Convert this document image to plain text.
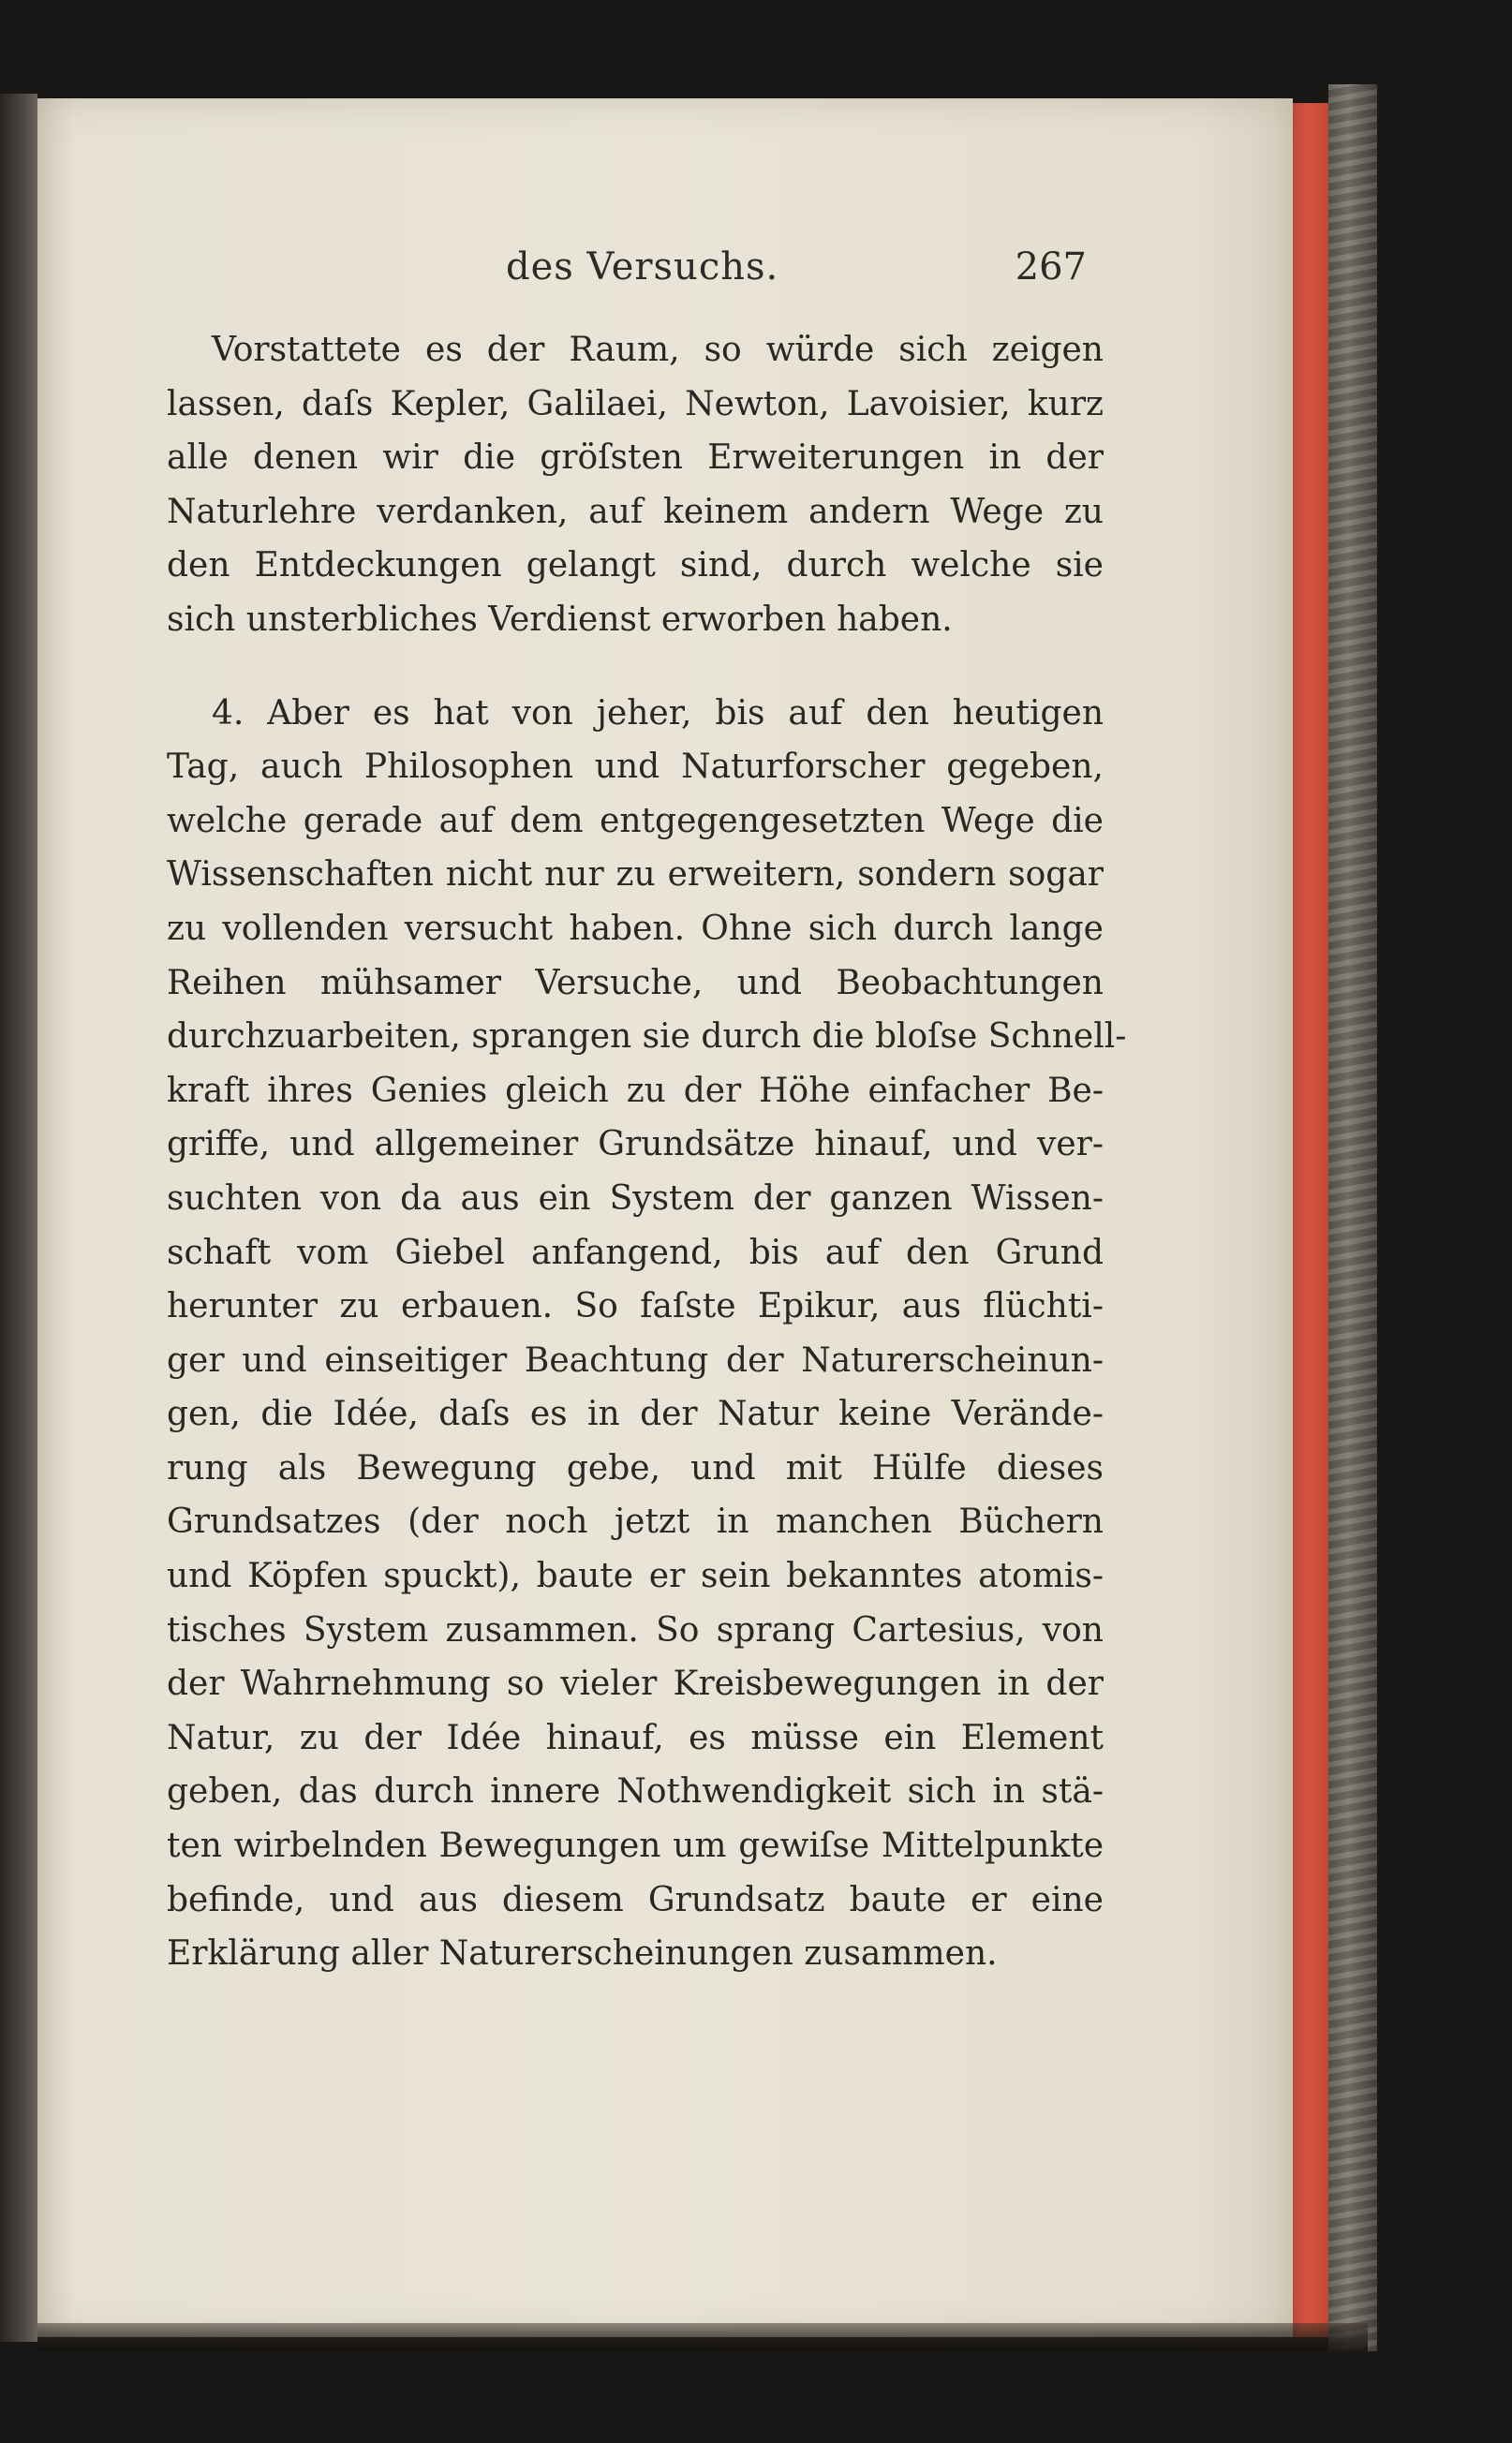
des Versuchs.	267
Vorstattete es der Raum, so würde sich zeigen
lassen, daſs Kepler, Galilaei, Newton, Lavoisier, kurz
alle denen wir die gröſsten Erweiterungen in der
Naturlehre verdanken, auf keinem andern Wege zu
den Entdeckungen gelangt sind, durch welche sie
sich unsterbliches Verdienst erworben haben.
4. Aber es hat von jeher, bis auf den heutigen
Tag, auch Philosophen und Naturforscher gegeben,
welche gerade auf dem entgegengesetzten Wege die
Wissenschaften nicht nur zu erweitern, sondern sogar
zu vollenden versucht haben. Ohne sich durch lange
Reihen mühsamer Versuche, und Beobachtungen
durchzuarbeiten, sprangen sie durch die bloſse Schnell-
kraft ihres Genies gleich zu der Höhe einfacher Be-
griffe, und allgemeiner Grundsätze hinauf, und ver-
suchten von da aus ein System der ganzen Wissen-
schaft vom Giebel anfangend, bis auf den Grund
herunter zu erbauen. So faſste Epikur, aus flüchti-
ger und einseitiger Beachtung der Naturerscheinun-
gen, die Idée, daſs es in der Natur keine Verände-
rung als Bewegung gebe, und mit Hülfe dieses
Grundsatzes (der noch jetzt in manchen Büchern
und Köpfen spuckt), baute er sein bekanntes atomis-
tisches System zusammen. So sprang Cartesius, von
der Wahrnehmung so vieler Kreisbewegungen in der
Natur, zu der Idée hinauf, es müsse ein Element
geben, das durch innere Nothwendigkeit sich in stä-
ten wirbelnden Bewegungen um gewiſse Mittelpunkte
befinde, und aus diesem Grundsatz baute er eine
Erklärung aller Naturerscheinungen zusammen.
